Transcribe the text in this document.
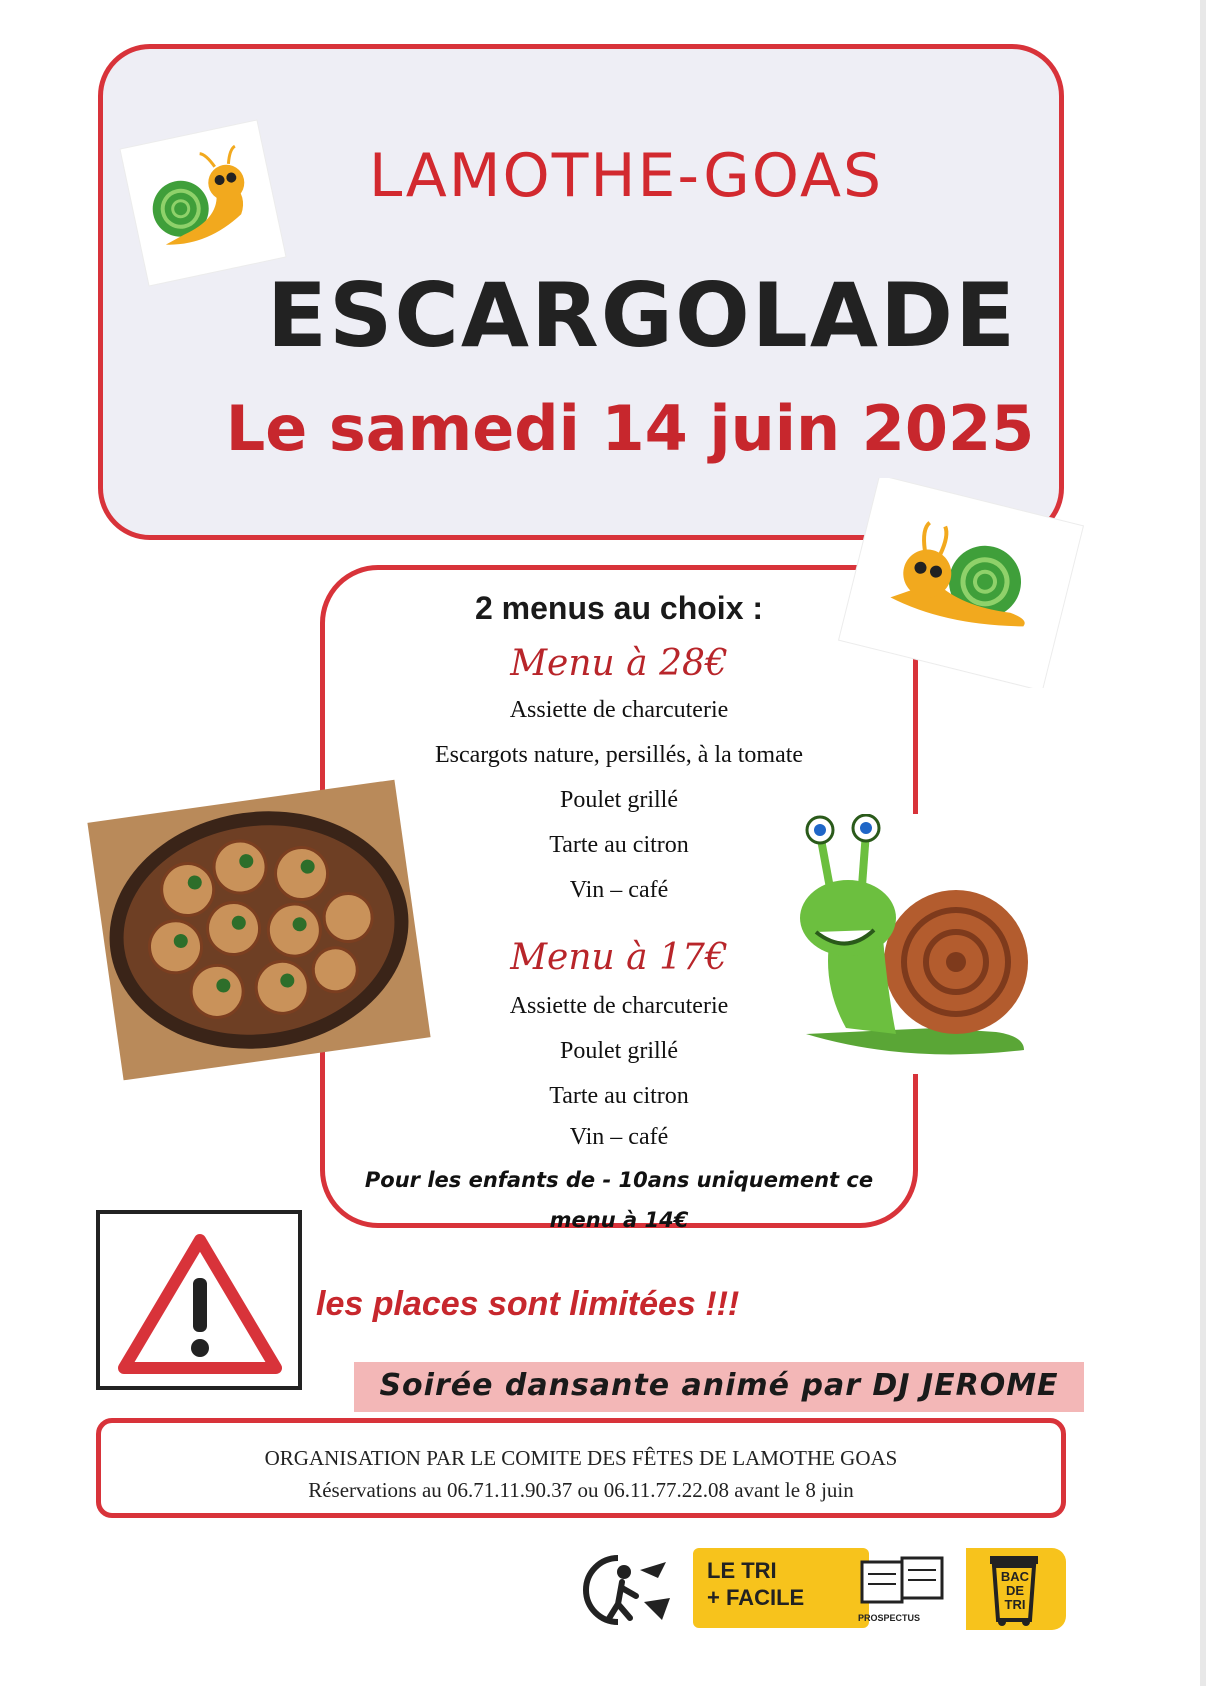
LAMOTHE-GOAS
ESCARGOLADE
Le samedi 14 juin 2025
2 menus au choix :
Menu à 28€
Assiette de charcuterie
Escargots nature, persillés, à la tomate
Poulet grillé
Tarte au citron
Vin – café
Menu à 17€
Assiette de charcuterie
Poulet grillé
Tarte au citron
Vin – café
Pour les enfants de - 10ans uniquement ce
menu à 14€
les places sont limitées !!!
Soirée dansante animé par DJ JEROME
ORGANISATION PAR LE COMITE DES FÊTES DE LAMOTHE GOAS
Réservations au 06.71.11.90.37 ou 06.11.77.22.08 avant le 8 juin
LE TRI
+ FACILE
PROSPECTUS
BAC
DE
TRI
